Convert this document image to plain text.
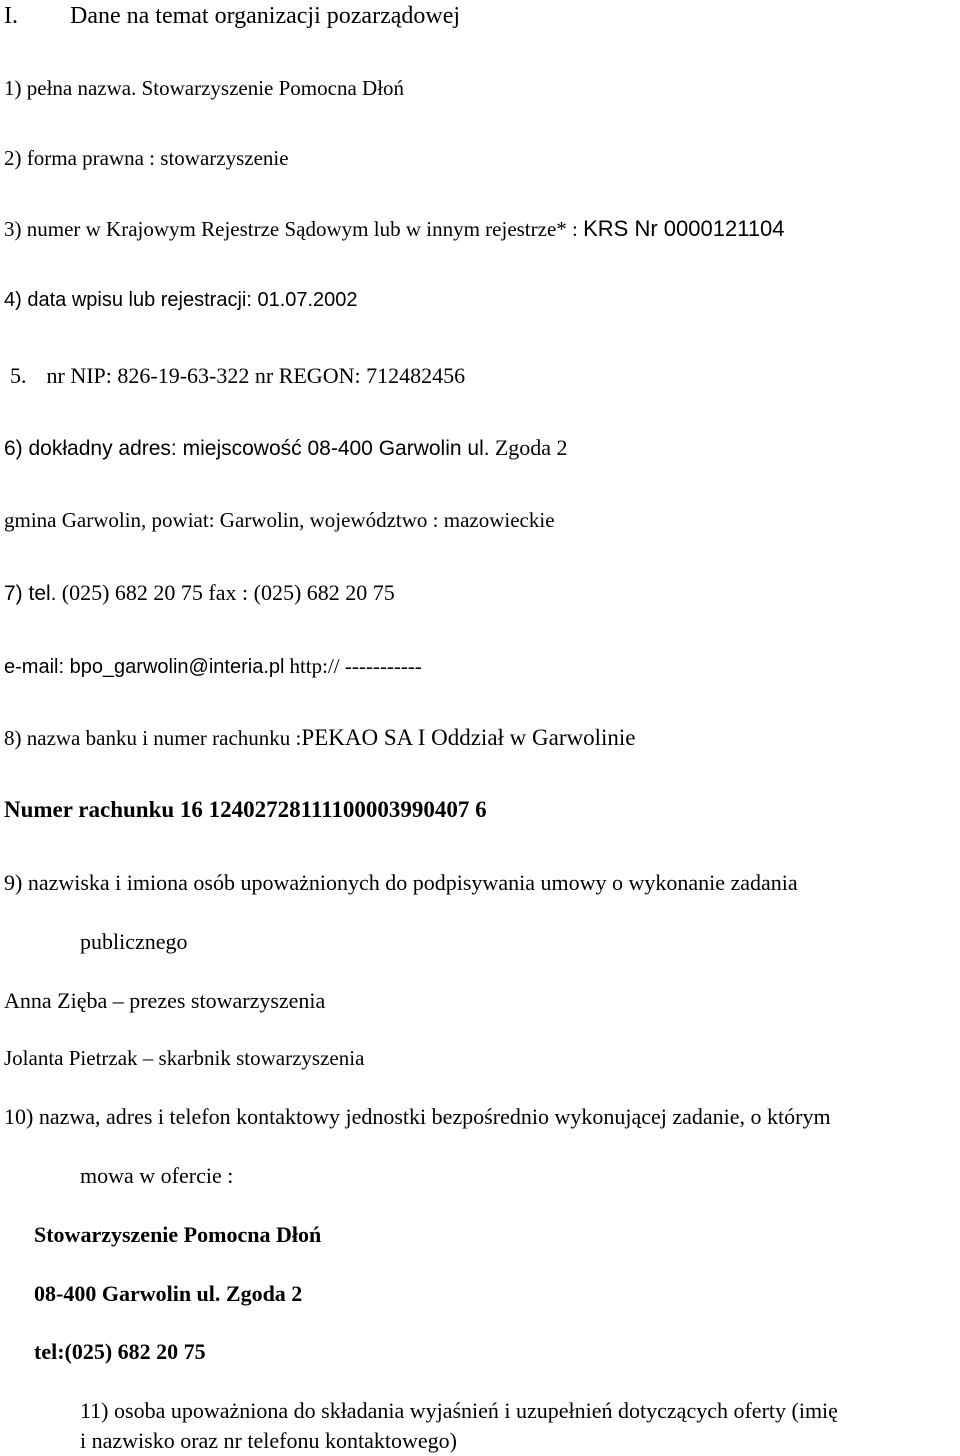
I. Dane na temat organizacji pozarządowej
1) pełna nazwa. Stowarzyszenie Pomocna Dłoń
2) forma prawna : stowarzyszenie
3) numer w Krajowym Rejestrze Sądowym lub w innym rejestrze* : KRS Nr 0000121104
4) data wpisu lub rejestracji: 01.07.2002
5. nr NIP: 826-19-63-322 nr REGON: 712482456
6) dokładny adres: miejscowość 08-400 Garwolin ul. Zgoda 2
gmina Garwolin, powiat: Garwolin, województwo : mazowieckie
7) tel. (025) 682 20 75 fax : (025) 682 20 75
e-mail: bpo_garwolin@interia.pl http:// -----------
8) nazwa banku i numer rachunku :PEKAO SA I Oddział w Garwolinie
Numer rachunku 16 12402728111100003990407 6
9) nazwiska i imiona osób upoważnionych do podpisywania umowy o wykonanie zadania
publicznego
Anna Zięba – prezes stowarzyszenia
Jolanta Pietrzak – skarbnik stowarzyszenia
10) nazwa, adres i telefon kontaktowy jednostki bezpośrednio wykonującej zadanie, o którym
mowa w ofercie :
Stowarzyszenie Pomocna Dłoń
08-400 Garwolin ul. Zgoda 2
tel:(025) 682 20 75
11) osoba upoważniona do składania wyjaśnień i uzupełnień dotyczących oferty (imię
i nazwisko oraz nr telefonu kontaktowego)
